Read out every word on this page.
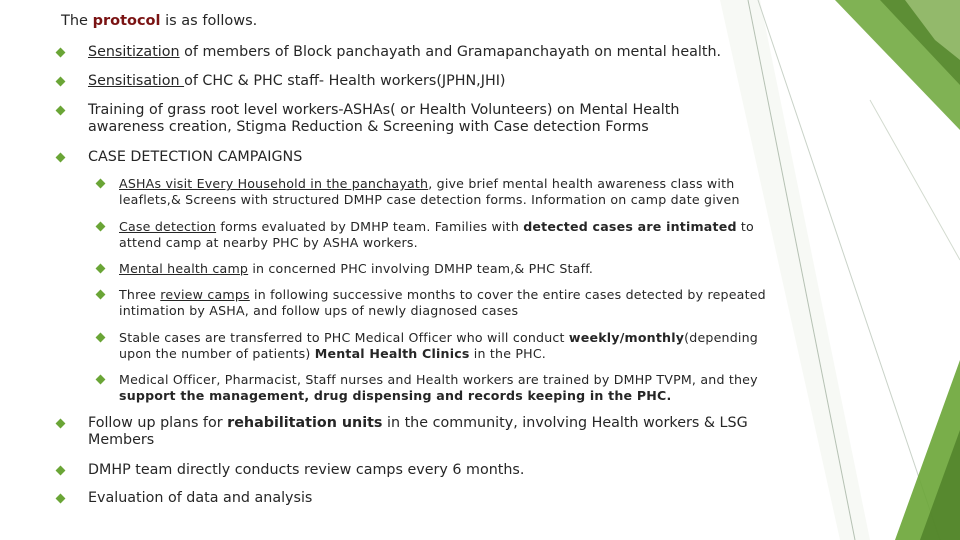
The protocol is as follows.
Sensitization of members of Block panchayath and Gramapanchayath on mental health.
Sensitisation of CHC & PHC staff- Health workers(JPHN,JHI)
Training of grass root level workers-ASHAs( or Health Volunteers) on Mental Health awareness creation, Stigma Reduction & Screening with Case detection Forms
CASE DETECTION CAMPAIGNS
ASHAs visit Every Household in the panchayath, give brief mental health awareness class with leaflets,& Screens with structured DMHP case detection forms. Information on camp date given
Case detection forms evaluated by DMHP team. Families with detected cases are intimated to attend camp at nearby PHC by ASHA workers.
Mental health camp in concerned PHC involving DMHP team,& PHC Staff.
Three review camps in following successive months to cover the entire cases detected by repeated intimation by ASHA, and follow ups of newly diagnosed cases
Stable cases are transferred to PHC Medical Officer who will conduct weekly/monthly(depending upon the number of patients) Mental Health Clinics in the PHC.
Medical Officer, Pharmacist, Staff nurses and Health workers are trained by DMHP TVPM, and they support the management, drug dispensing and records keeping in the PHC.
Follow up plans for rehabilitation units in the community, involving Health workers & LSG Members
DMHP team directly conducts review camps every 6 months.
Evaluation of data and analysis
